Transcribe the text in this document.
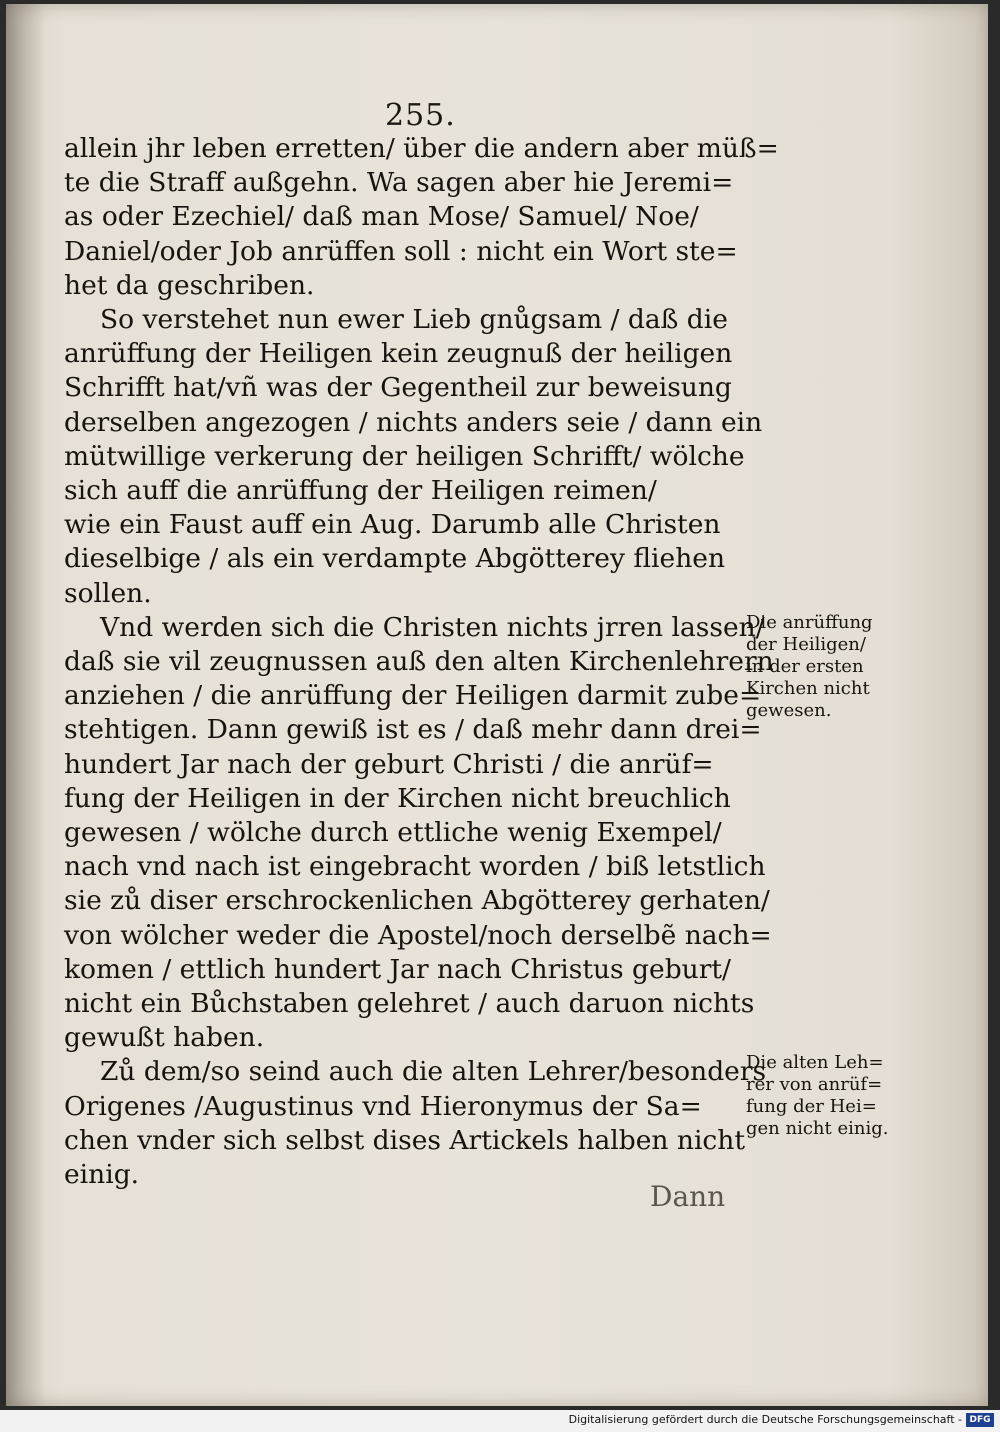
255.
allein jhr leben erretten/ über die andern aber müß=
te die Straff außgehn. Wa sagen aber hie Jeremi=
as oder Ezechiel/ daß man Mose/ Samuel/ Noe/
Daniel/oder Job anrüffen soll : nicht ein Wort ste=
het da geschriben.
So verstehet nun ewer Lieb gnůgsam / daß die
anrüffung der Heiligen kein zeugnuß der heiligen
Schrifft hat/vñ was der Gegentheil zur beweisung
derselben angezogen / nichts anders seie / dann ein
mütwillige verkerung der heiligen Schrifft/ wölche
sich auff die anrüffung der Heiligen reimen/
wie ein Faust auff ein Aug. Darumb alle Christen
dieselbige / als ein verdampte Abgötterey fliehen
sollen.
Vnd werden sich die Christen nichts jrren lassen/
daß sie vil zeugnussen auß den alten Kirchenlehrern
anziehen / die anrüffung der Heiligen darmit zube=
stehtigen. Dann gewiß ist es / daß mehr dann drei=
hundert Jar nach der geburt Christi / die anrüf=
fung der Heiligen in der Kirchen nicht breuchlich
gewesen / wölche durch ettliche wenig Exempel/
nach vnd nach ist eingebracht worden / biß letstlich
sie zů diser erschrockenlichen Abgötterey gerhaten/
von wölcher weder die Apostel/noch derselbẽ nach=
komen / ettlich hundert Jar nach Christus geburt/
nicht ein Bůchstaben gelehret / auch daruon nichts
gewußt haben.
Zů dem/so seind auch die alten Lehrer/besonders
Origenes /Augustinus vnd Hieronymus der Sa=
chen vnder sich selbst dises Artickels halben nicht
einig.
Die anrüffung
der Heiligen/
in der ersten
Kirchen nicht
gewesen.
Die alten Leh=
rer von anrüf=
fung der Hei=
gen nicht einig.
Dann
Digitalisierung gefördert durch die Deutsche Forschungsgemeinschaft - DFG
